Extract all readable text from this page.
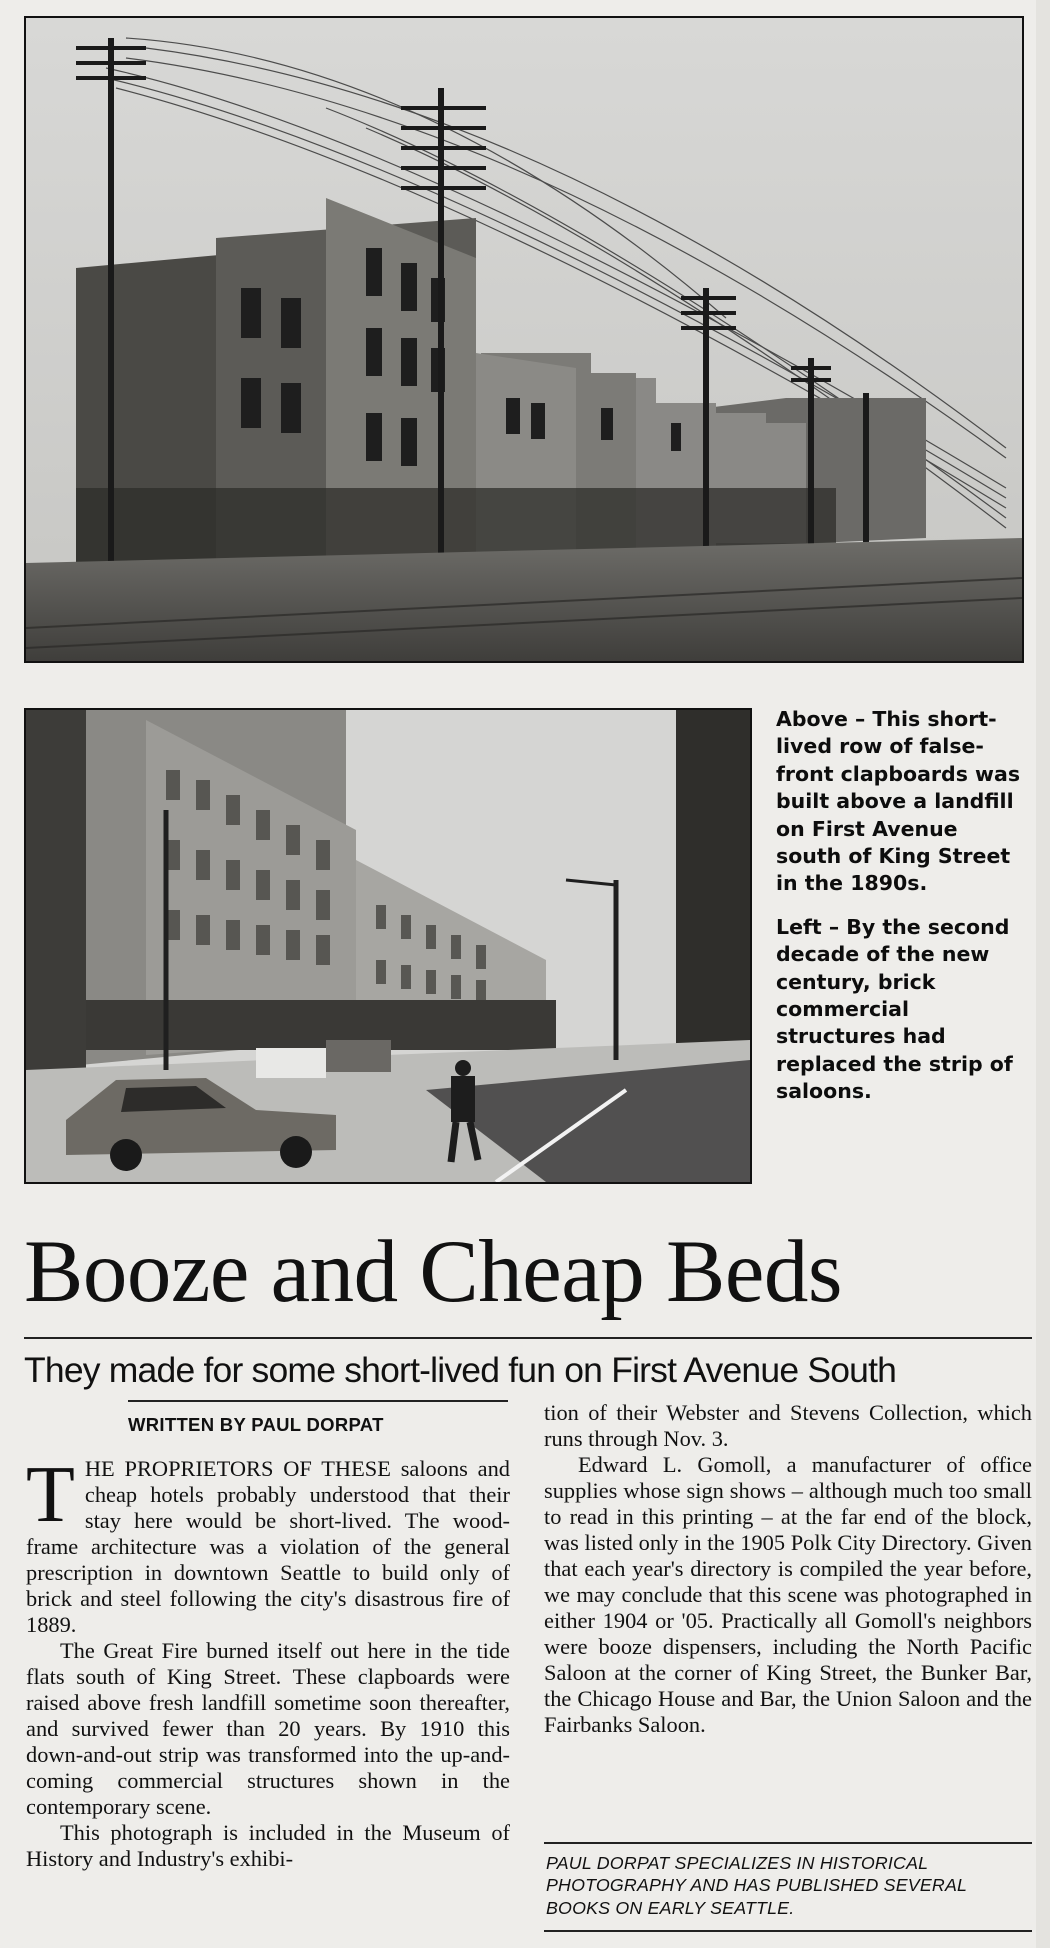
Above – This short-lived row of false-front clapboards was built above a landfill on First Avenue south of King Street in the 1890s.

Left – By the second decade of the new century, brick commercial structures had replaced the strip of saloons.

Booze and Cheap Beds
They made for some short-lived fun on First Avenue South
WRITTEN BY PAUL DORPAT

T HE PROPRIETORS OF THESE saloons and cheap hotels probably understood that their stay here would be short-lived. The wood-frame architecture was a violation of the general prescription in downtown Seattle to build only of brick and steel following the city's disastrous fire of 1889.

The Great Fire burned itself out here in the tide flats south of King Street. These clapboards were raised above fresh landfill sometime soon thereafter, and survived fewer than 20 years. By 1910 this down-and-out strip was transformed into the up-and-coming commercial structures shown in the contemporary scene.

This photograph is included in the Museum of History and Industry's exhibi-

tion of their Webster and Stevens Collection, which runs through Nov. 3.

Edward L. Gomoll, a manufacturer of office supplies whose sign shows – although much too small to read in this printing – at the far end of the block, was listed only in the 1905 Polk City Directory. Given that each year's directory is compiled the year before, we may conclude that this scene was photographed in either 1904 or '05. Practically all Gomoll's neighbors were booze dispensers, including the North Pacific Saloon at the corner of King Street, the Bunker Bar, the Chicago House and Bar, the Union Saloon and the Fairbanks Saloon.

PAUL DORPAT SPECIALIZES IN HISTORICAL PHOTOGRAPHY AND HAS PUBLISHED SEVERAL BOOKS ON EARLY SEATTLE.
